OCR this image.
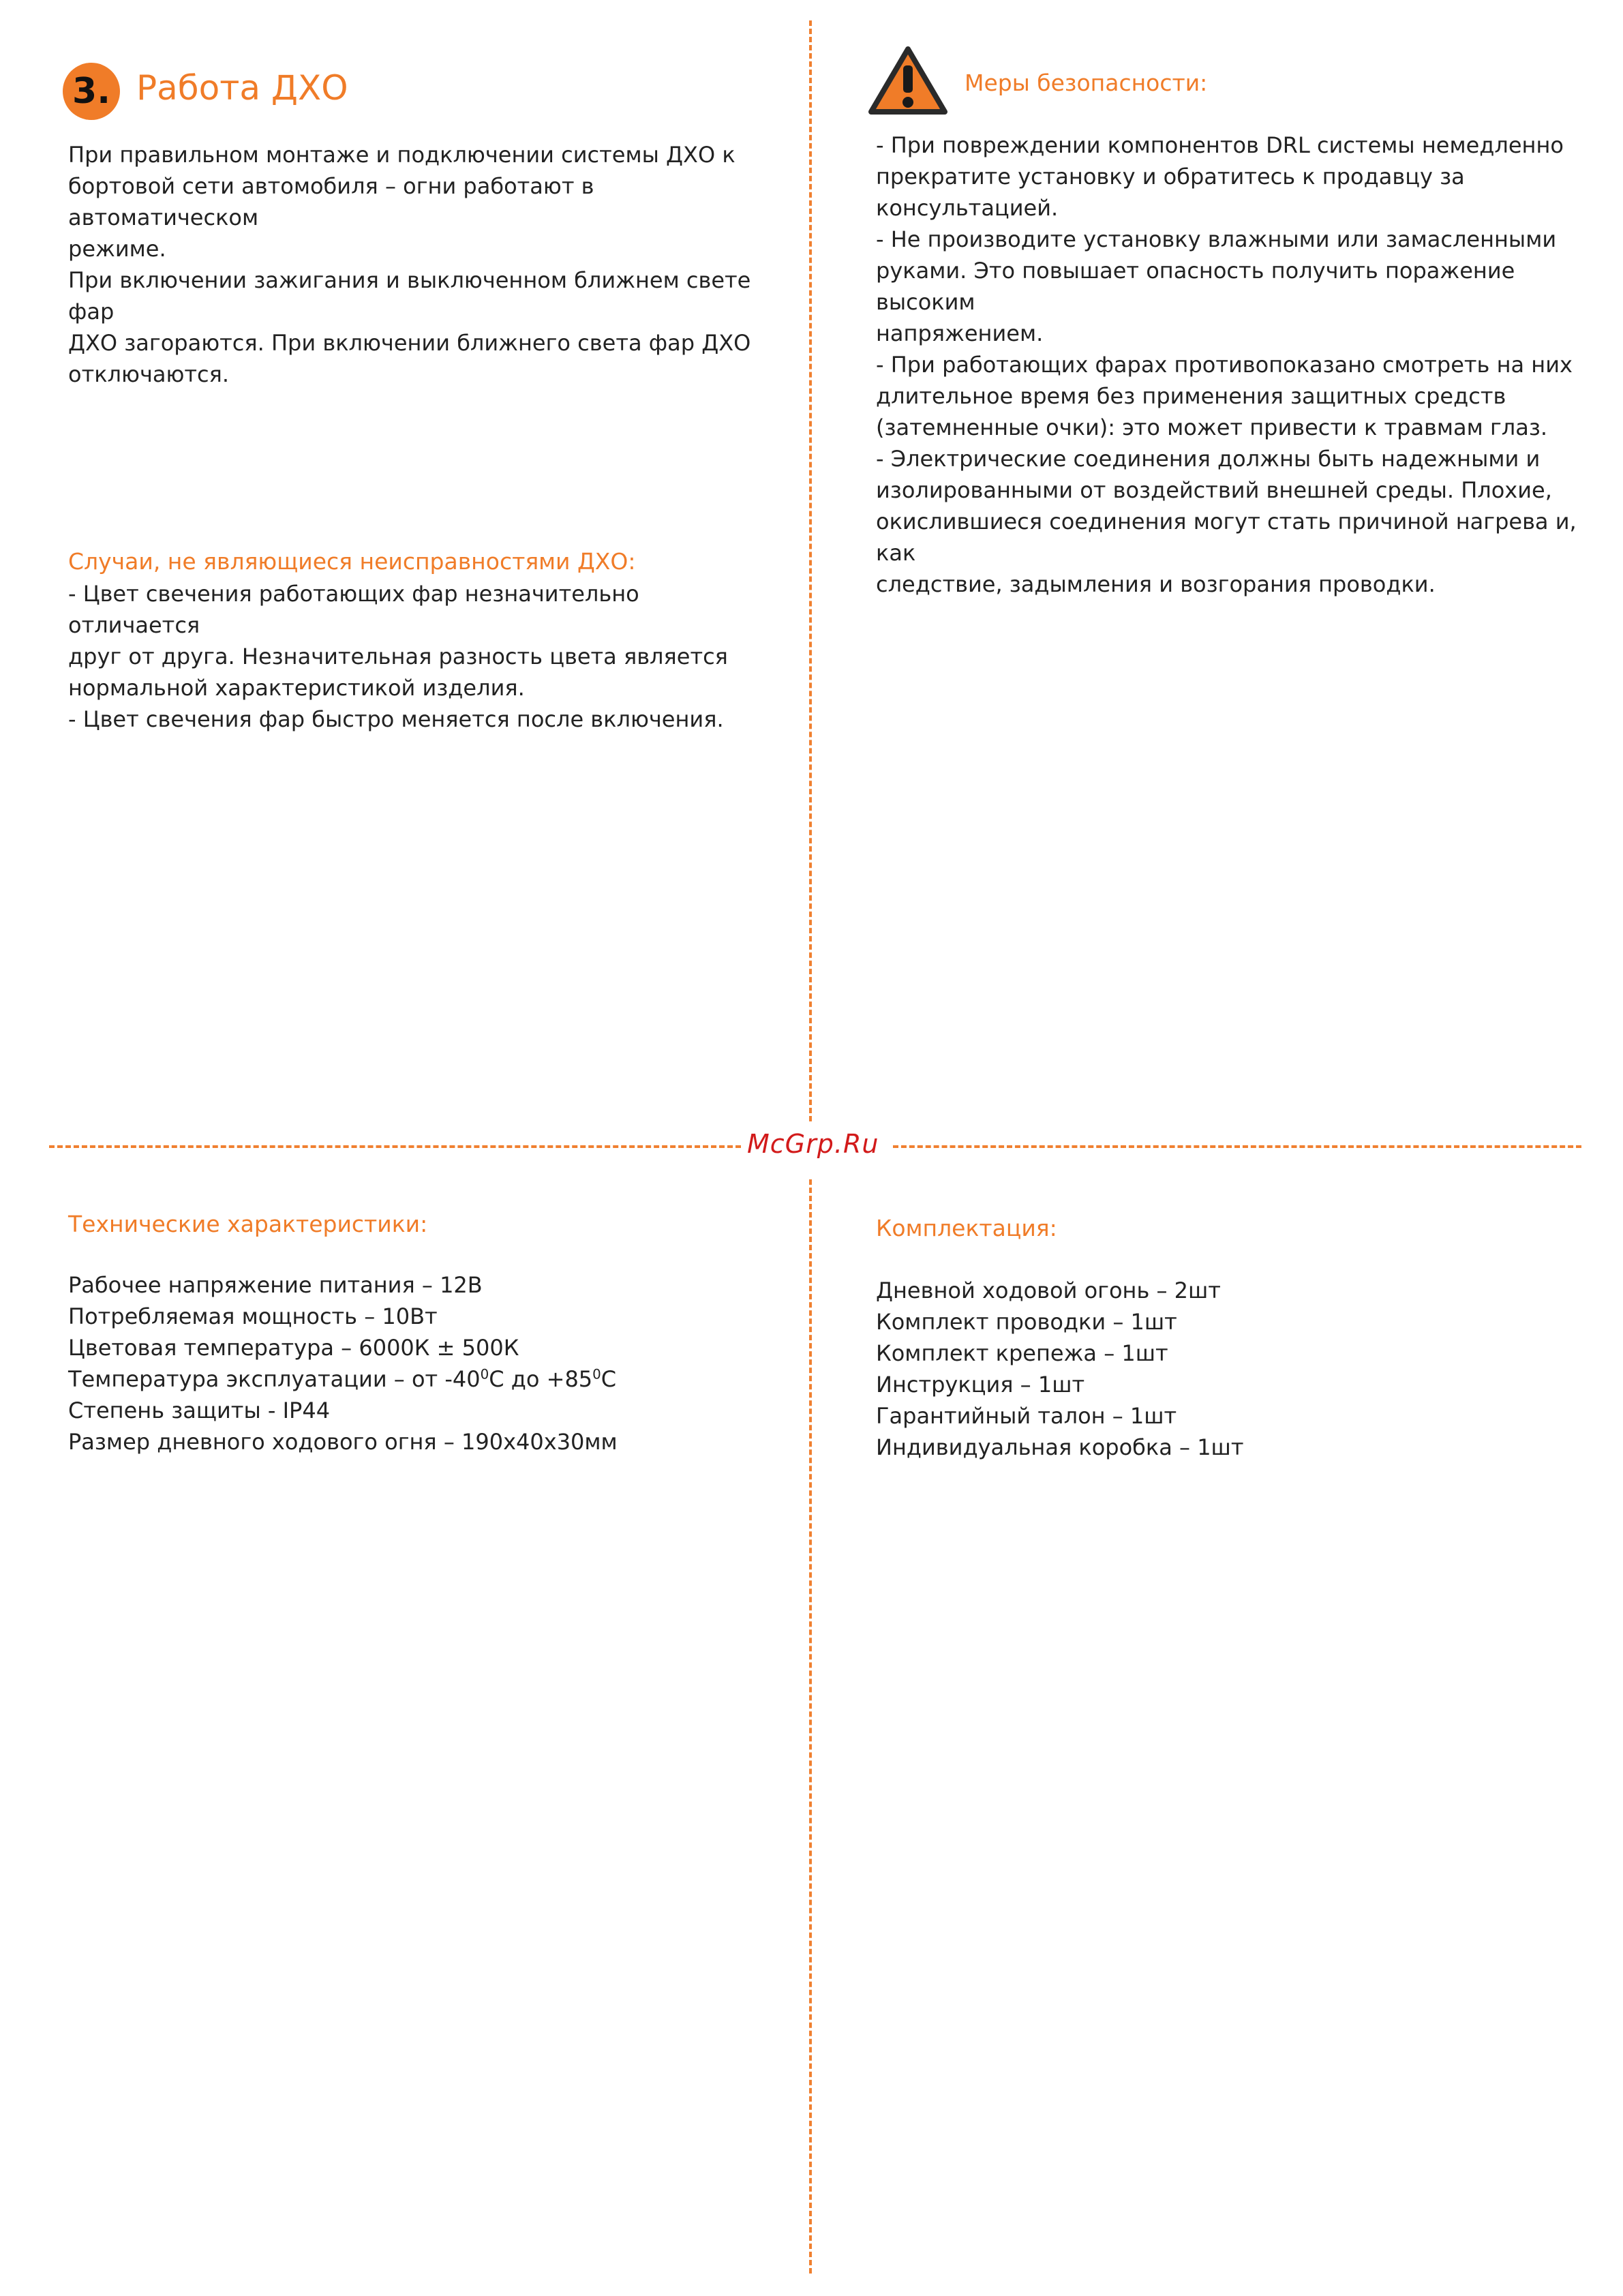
McGrp.Ru
3. Работа ДХО
При правильном монтаже и подключении системы ДХО к
бортовой сети автомобиля – огни работают в автоматическом
режиме.
При включении зажигания и выключенном ближнем свете фар
ДХО загораются. При включении ближнего света фар ДХО
отключаются.
Случаи, не являющиеся неисправностями ДХО:
- Цвет свечения работающих фар незначительно отличается
друг от друга. Незначительная разность цвета является
нормальной характеристикой изделия.
- Цвет свечения фар быстро меняется после включения.
Меры безопасности:
- При повреждении компонентов DRL системы немедленно
прекратите установку и обратитесь к продавцу за
консультацией.
- Не производите установку влажными или замасленными
руками. Это повышает опасность получить поражение высоким
напряжением.
- При работающих фарах противопоказано смотреть на них
длительное время без применения защитных средств
(затемненные очки): это может привести к травмам глаз.
- Электрические соединения должны быть надежными и
изолированными от воздействий внешней среды. Плохие,
окислившиеся соединения могут стать причиной нагрева и, как
следствие, задымления и возгорания проводки.
Технические характеристики:
Рабочее напряжение питания – 12В
Потребляемая мощность – 10Вт
Цветовая температура – 6000К ± 500К
Температура эксплуатации – от $-40^0С$ до $+85^0С$
Степень защиты - IP44
Размер дневного ходового огня – 190x40x30мм
Комплектация:
Дневной ходовой огонь – 2шт
Комплект проводки – 1шт
Комплект крепежа – 1шт
Инструкция – 1шт
Гарантийный талон – 1шт
Индивидуальная коробка – 1шт
